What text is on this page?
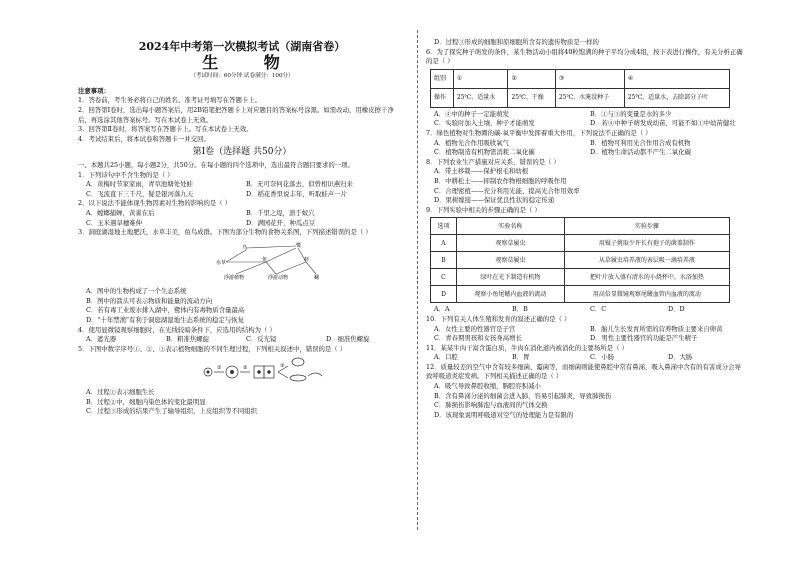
2024年中考第一次模拟考试（湖南省卷）
生 物
（考试时间：60分钟 试卷满分：100分）
注意事项：
1．答卷前，考生务必将自己的姓名、准考证号填写在答题卡上。
2．回答第Ⅰ卷时，选出每小题答案后，用2B铅笔把答题卡上对应题目的答案标号涂黑。如需改动，用橡皮擦干净后，再选涂其他答案标号。写在本试卷上无效。
3．回答第Ⅱ卷时，将答案写在答题卡上。写在本试卷上无效。
4．考试结束后，将本试卷和答题卡一并交回。
第Ⅰ卷（选择题 共50分）
一、本题共25小题，每小题2分，共50分。在每小题的四个选项中，选出最符合题目要求的一项。
1．下列诗句中不含生物的是（ ）
A．黄梅时节家家雨，青草池塘处处蛙	B．无可奈何花落去，似曾相识燕归来
C．飞流直下三千尺，疑是银河落九天	D．稻花香里说丰年，听取蛙声一片
2．以下说法不能体现生物因素对生物的影响的是（ ）
A．螳螂捕蝉，黄雀在后	B．千里之堤，溃于蚁穴
C．玉米遇旱穗难伸	D．满园花开，种瓜点豆
3．洞庭湖湿地土地肥沃，水草丰美，鱼鸟成群。下图为部分生物的食物关系图，下列描述错误的是（ ）
鸟	鹭
鱼	虾
水草
浮游植物	浮游动物	螺
A．图中的生物构成了一个生态系统
B．图中的箭头可表示物质和能量的流动方向
C．若有毒工业废水排入湖中，鹭体内有毒物质含量最高
D．"十年禁渔"有利于洞庭湖湿地生态系统的稳定与恢复
4．使用显微镜观察细胞时，在光线较暗条件下，应选用的结构为（ ）
A．遮光器	B．粗准焦螺旋	C．反光镜	D．细准焦螺旋
5．下图中数字序号①、②、③表示植物细胞的不同生理过程，下列相关叙述中，错误的是（ ）
①	②	③
A．过程①表示细胞生长
B．过程②中，细胞内染色体的变化最明显
C．过程③形成的结果产生了输导组织，上皮组织等不同组织
D．过程③形成的细胞和原细胞所含有的遗传物质是一样的
6．为了探究种子萌发的条件，某生物活动小组将40粒饱满的种子平均分成4组，按下表进行操作，有关分析正确的是（ ）
组别	①	②	③	④
操作	25℃、适量水	25℃、干燥	25℃、水淹没种子	25℃、适量水、去除部分子叶
A．④中的种子一定能萌发	B．①与③的变量是水的多少
C．实验时加入土壤，种子才能萌发	D．若④中种子萌发成幼苗，可能不如①中幼苗健壮
7．绿色植物对生物圈的碳-氧平衡中发挥着重大作用，下列说法不正确的是（ ）
A．植物光合作用吸收氧气	B．植物可利用光合作用合成有机物
C．植物制造有机物需消耗二氧化碳	D．植物生命活动都不产生二氧化碳
8．下列农业生产措施对应关系，错误的是（ ）
A．带土移栽——保护根毛和幼根
B．中耕松土——抑制农作物根细胞的呼吸作用
C．合理密植——充分利用光能，提高光合作用效率
D．果树嫁接——保证优良性状的稳定传递
9．下列实验中相关的步骤正确的是（ ）
选项	实验名称	实验步骤
A	观察草履虫	用镊子挑取少许长有孢子的菌盖制作
B	观察草履虫	从草履虫培养液的表层吸一滴培养液
C	绿叶在光下制造有机物	把叶片放入盛有清水的小烧杯中，水浴加热
D	观察小鱼尾鳍内血液的流动	用高倍显微镜观察尾鳍血管内血液的流动
A．A	B．B	C．C	D．D
10．下列有关人体生殖和发育的叙述正确的是（ ）
A．女性主要的性器官是子宫	B．胎儿生长发育所需的营养物质主要来自卵黄
C．青春期男孩和女孩身高增长	D．男性主要性器官的功能是产生精子
11．某某牛肉干富含蛋白质，牛肉在消化道内被消化的主要场所是（ ）
A．口腔	B．胃	C．小肠	D．大肠
12．质量较差的空气中含有较多细菌、霉菌等，而细菌则能使鼻腔中常有鼻涕，吸入鼻涕中含有的有害成分会导致呼吸道炎症发病。下列相关描述正确的是（ ）
A．吸气导致鼻腔收缩，胸腔容积减小
B．含有鼻涕分泌的细菌会进入肺，容易引起肺炎，导致肺损伤
C．肺损伤影响肺泡与血液间的气体交换
D．该现象说明呼吸道对空气的处理能力是有限的
